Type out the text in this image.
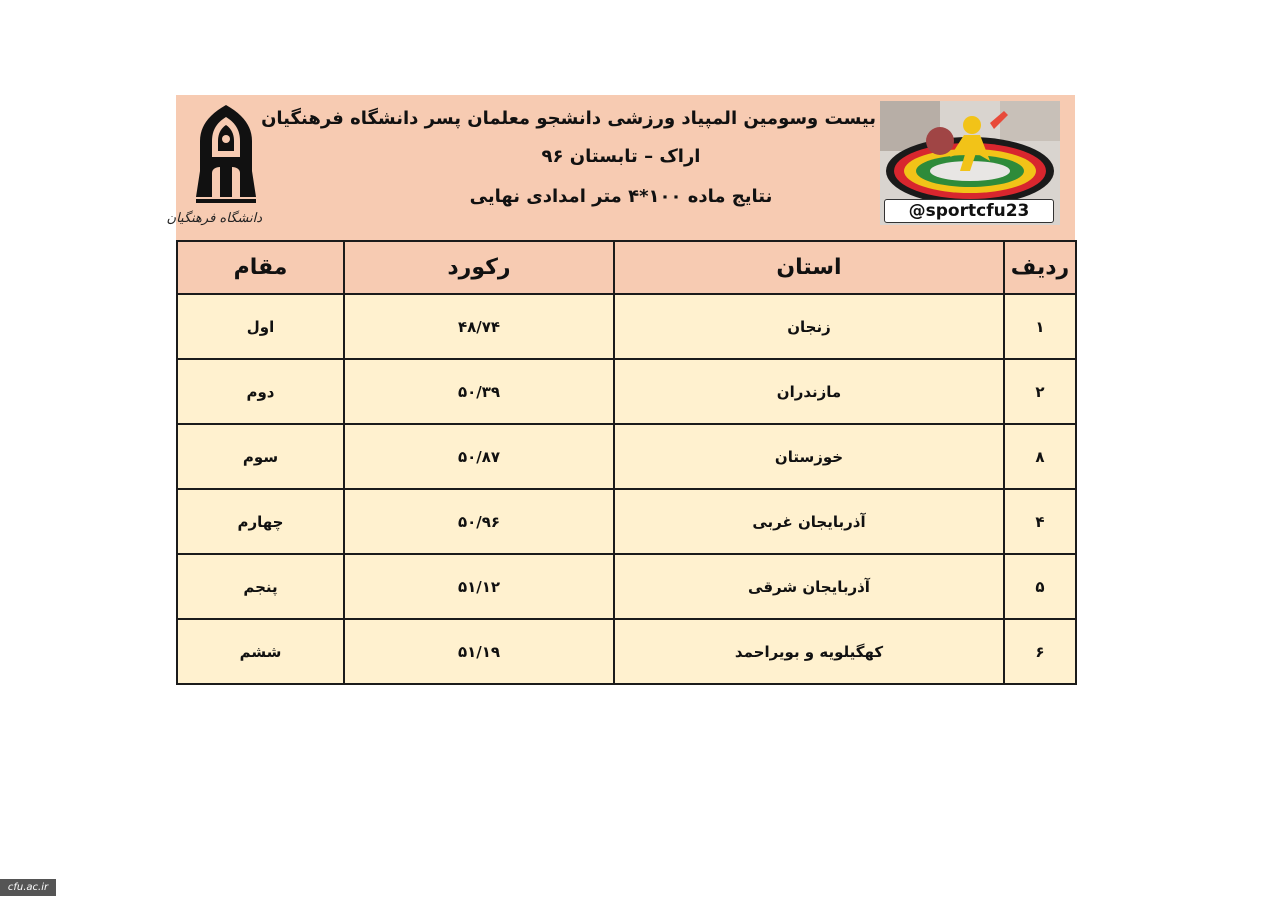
دانشگاه فرهنگیان
بیست وسومین المپیاد ورزشی دانشجو معلمان پسر دانشگاه فرهنگیان
اراک – تابستان ۹۶
نتایج ماده ۱۰۰*۴ متر امدادی نهایی
@sportcfu23
ردیف	استان	رکورد	مقام
۱	زنجان	۴۸/۷۴	اول
۲	مازندران	۵۰/۳۹	دوم
۸	خوزستان	۵۰/۸۷	سوم
۴	آذربایجان غربی	۵۰/۹۶	چهارم
۵	آذربایجان شرقی	۵۱/۱۲	پنجم
۶	کهگیلویه و بویراحمد	۵۱/۱۹	ششم
cfu.ac.ir
